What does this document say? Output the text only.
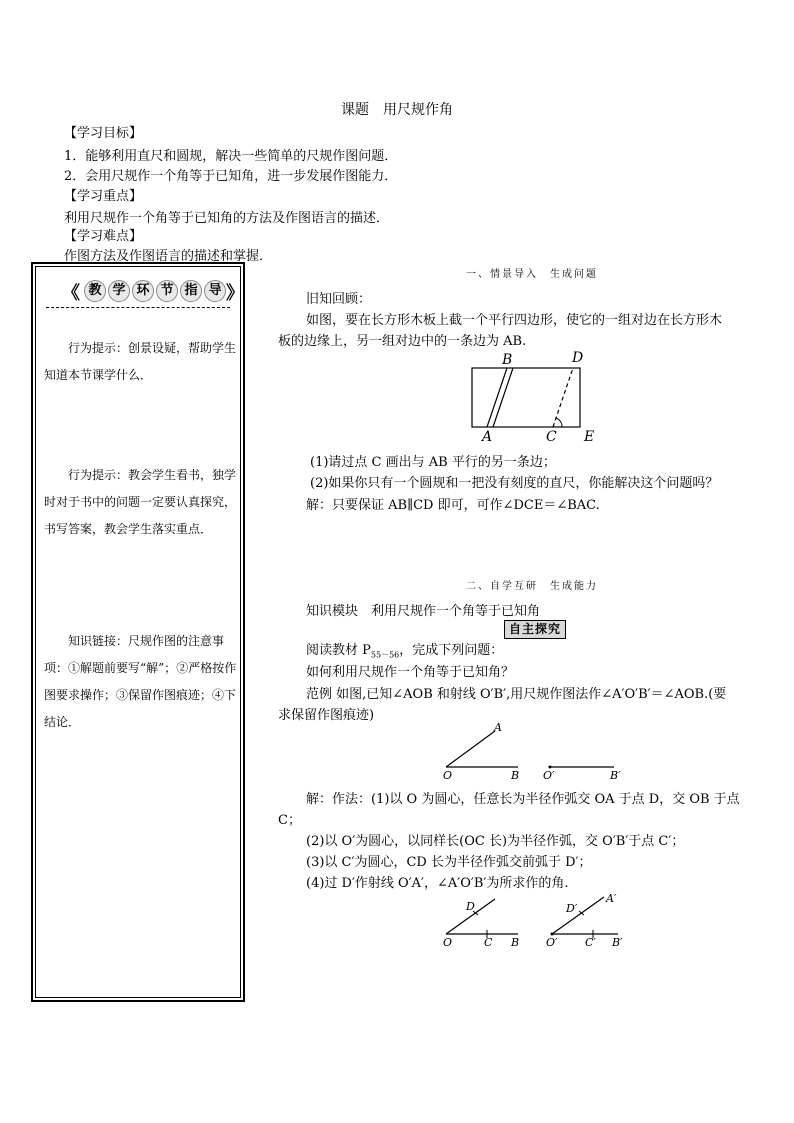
课题　用尺规作角
【学习目标】
1．能够利用直尺和圆规，解决一些简单的尺规作图问题．
2．会用尺规作一个角等于已知角，进一步发展作图能力．
【学习重点】
利用尺规作一个角等于已知角的方法及作图语言的描述．
【学习难点】
作图方法及作图语言的描述和掌握．
《 教 学 环 节 指 导 》
行为提示：创景设疑，帮助学生知道本节课学什么．
行为提示：教会学生看书，独学时对于书中的问题一定要认真探究，书写答案，教会学生落实重点．
知识链接：尺规作图的注意事项：①解题前要写“解”；②严格按作图要求操作；③保留作图痕迹；④下结论．
一、情景导入　生成问题
旧知回顾：
如图，要在长方形木板上截一个平行四边形，使它的一组对边在长方形木
板的边缘上，另一组对边中的一条边为 AB.
A
B
C
D
E
(1)请过点 C 画出与 AB 平行的另一条边；
(2)如果你只有一个圆规和一把没有刻度的直尺，你能解决这个问题吗？
解：只要保证 AB∥CD 即可，可作∠DCE＝∠BAC.
二、自学互研　生成能力
知识模块　利用尺规作一个角等于已知角
自主探究
阅读教材 $P_{55-56}$，完成下列问题：
如何利用尺规作一个角等于已知角？
范例 如图,已知∠AOB 和射线 O′B′,用尺规作图法作∠A′O′B′＝∠AOB.(要
求保留作图痕迹)
A
O	B O′	B′
解：作法：(1)以 O 为圆心，任意长为半径作弧交 OA 于点 D，交 OB 于点
C；
(2)以 O′为圆心，以同样长(OC 长)为半径作弧，交 O′B′于点 C′；
(3)以 C′为圆心，CD 长为半径作弧交前弧于 D′；
(4)过 D′作射线 O′A′，∠A′O′B′为所求作的角.
D
O	C B
A′
D′
O′ C′ B′
